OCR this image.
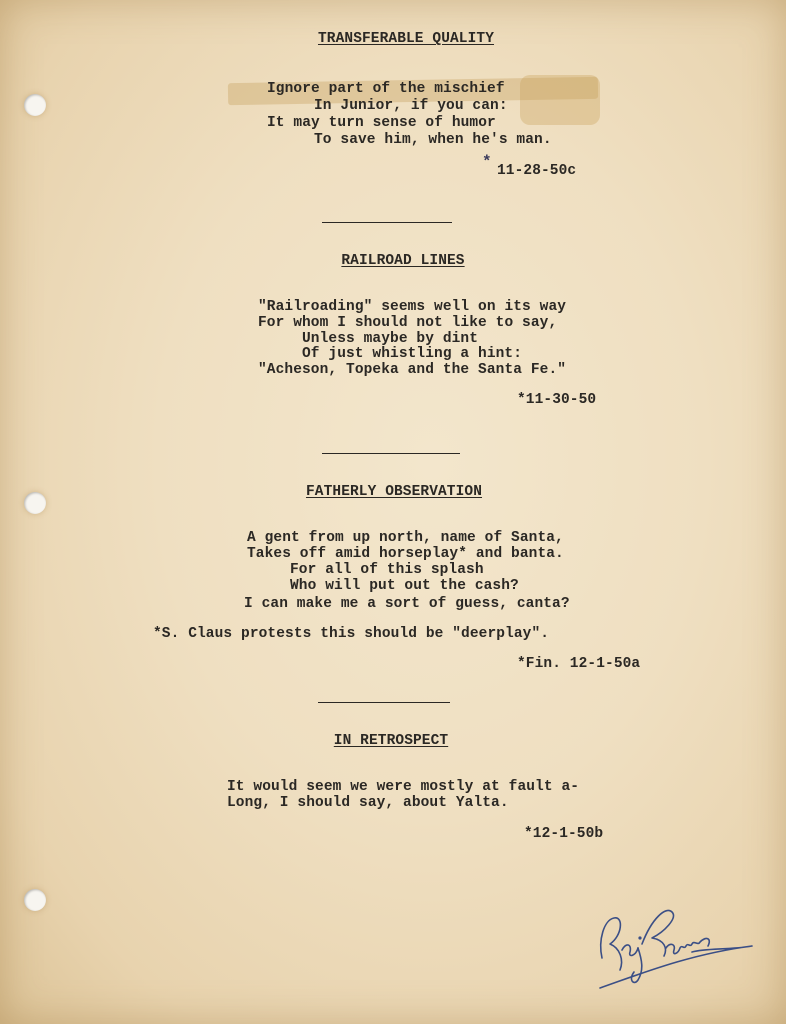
TRANSFERABLE QUALITY
Ignore part of the mischief
In Junior, if you can:
It may turn sense of humor
To save him, when he's man.
* 11-28-50c
RAILROAD LINES
"Railroading" seems well on its way
For whom I should not like to say,
Unless maybe by dint
Of just whistling a hint:
"Acheson, Topeka and the Santa Fe."
*11-30-50
FATHERLY OBSERVATION
A gent from up north, name of Santa,
Takes off amid horseplay* and banta.
For all of this splash
Who will put out the cash?
I can make me a sort of guess, canta?
*S. Claus protests this should be "deerplay".
*Fin. 12-1-50a
IN RETROSPECT
It would seem we were mostly at fault a-
Long, I should say, about Yalta.
*12-1-50b
